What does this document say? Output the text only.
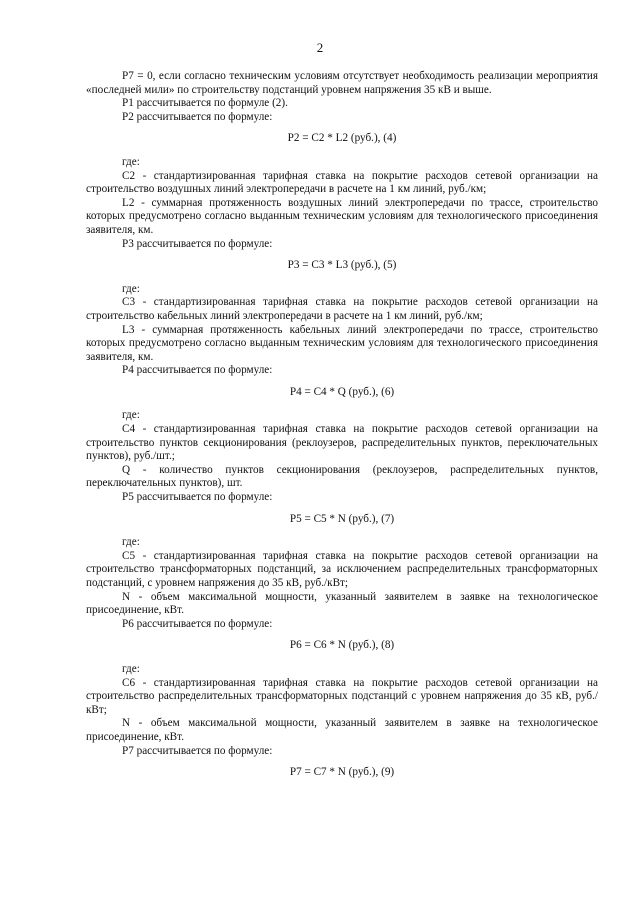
2
Р7 = 0, если согласно техническим условиям отсутствует необходимость реализации мероприятия «последней мили» по строительству подстанций уровнем напряжения 35 кВ и выше.
Р1 рассчитывается по формуле (2).
Р2 рассчитывается по формуле:
Р2 = С2 * L2 (руб.), (4)
где:
С2 - стандартизированная тарифная ставка на покрытие расходов сетевой организации на строительство воздушных линий электропередачи в расчете на 1 км линий, руб./км;
L2 - суммарная протяженность воздушных линий электропередачи по трассе, строительство которых предусмотрено согласно выданным техническим условиям для технологического присоединения заявителя, км.
Р3 рассчитывается по формуле:
Р3 = С3 * L3 (руб.), (5)
где:
С3 - стандартизированная тарифная ставка на покрытие расходов сетевой организации на строительство кабельных линий электропередачи в расчете на 1 км линий, руб./км;
L3 - суммарная протяженность кабельных линий электропередачи по трассе, строительство которых предусмотрено согласно выданным техническим условиям для технологического присоединения заявителя, км.
Р4 рассчитывается по формуле:
Р4 = С4 * Q (руб.), (6)
где:
С4 - стандартизированная тарифная ставка на покрытие расходов сетевой организации на строительство пунктов секционирования (реклоузеров, распределительных пунктов, переключательных пунктов), руб./шт.;
Q - количество пунктов секционирования (реклоузеров, распределительных пунктов, переключательных пунктов), шт.
Р5 рассчитывается по формуле:
Р5 = С5 * N (руб.), (7)
где:
С5 - стандартизированная тарифная ставка на покрытие расходов сетевой организации на строительство трансформаторных подстанций, за исключением распределительных трансформаторных подстанций, с уровнем напряжения до 35 кВ, руб./кВт;
N - объем максимальной мощности, указанный заявителем в заявке на технологическое присоединение, кВт.
Р6 рассчитывается по формуле:
Р6 = С6 * N (руб.), (8)
где:
С6 - стандартизированная тарифная ставка на покрытие расходов сетевой организации на строительство распределительных трансформаторных подстанций с уровнем напряжения до 35 кВ, руб./кВт;
N - объем максимальной мощности, указанный заявителем в заявке на технологическое присоединение, кВт.
Р7 рассчитывается по формуле:
Р7 = С7 * N (руб.), (9)
